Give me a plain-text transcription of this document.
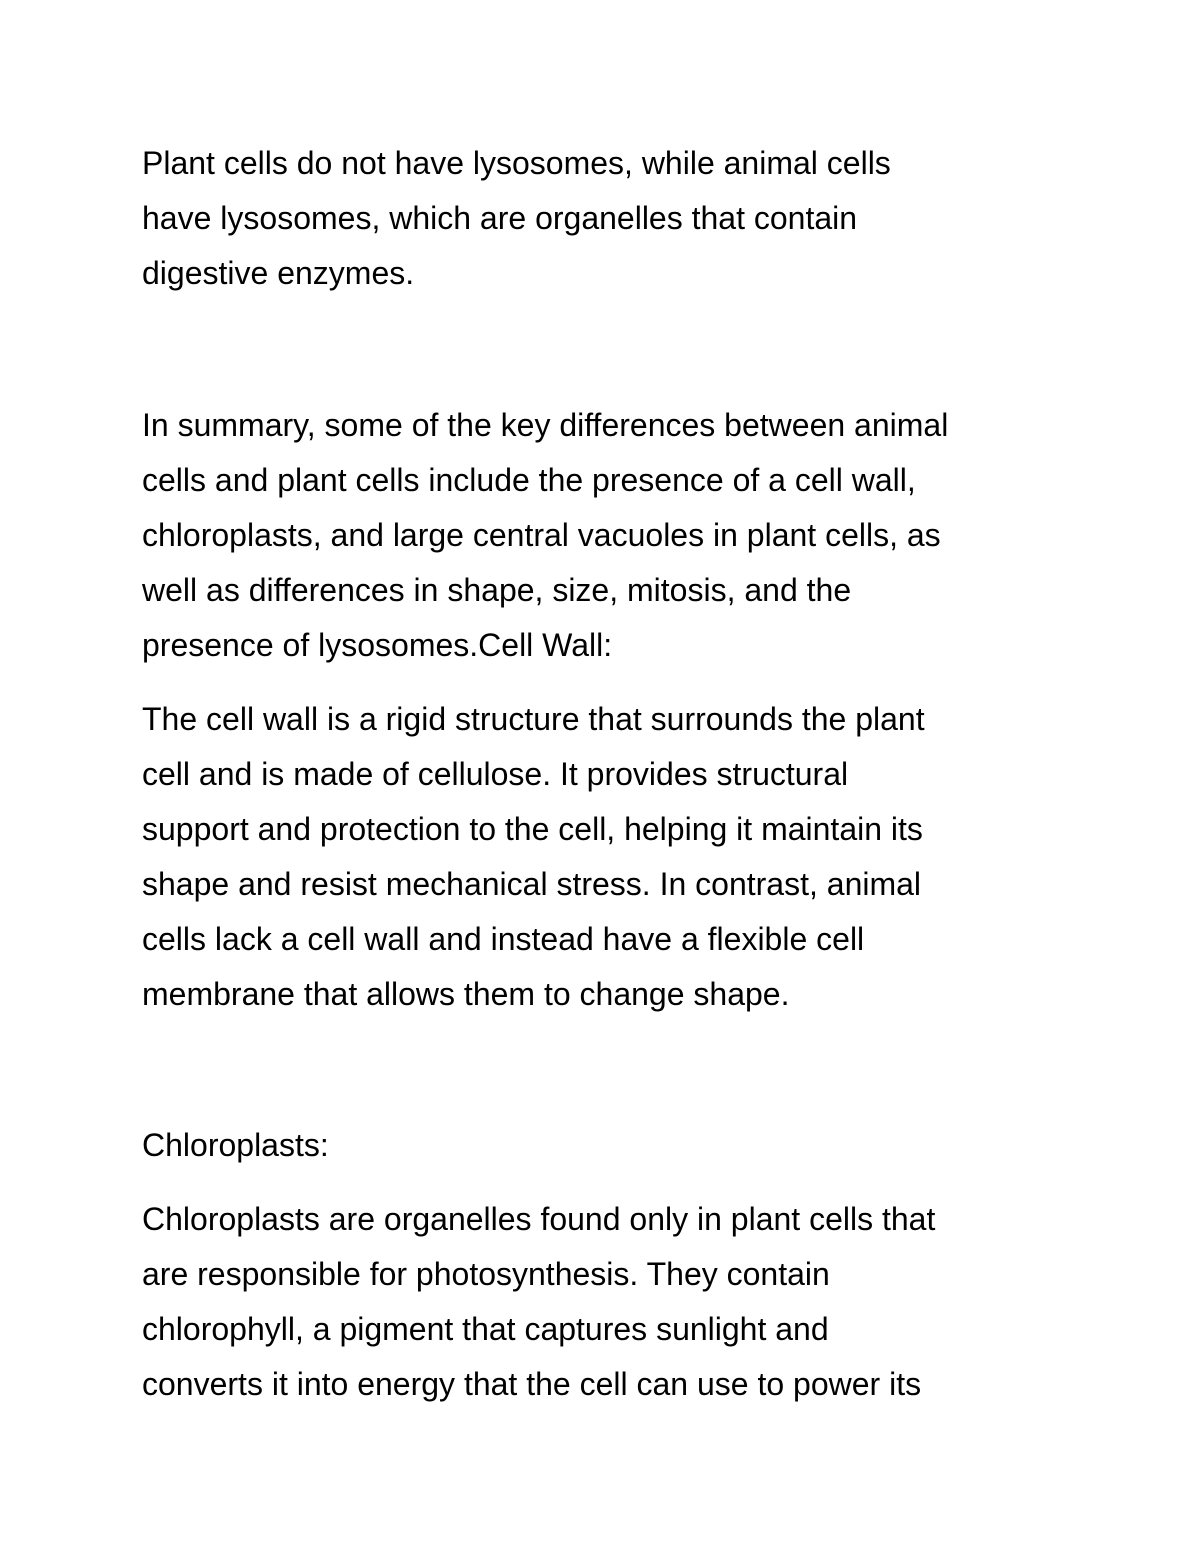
Plant cells do not have lysosomes, while animal cells
have lysosomes, which are organelles that contain
digestive enzymes.

In summary, some of the key differences between animal
cells and plant cells include the presence of a cell wall,
chloroplasts, and large central vacuoles in plant cells, as
well as differences in shape, size, mitosis, and the
presence of lysosomes.Cell Wall:

The cell wall is a rigid structure that surrounds the plant
cell and is made of cellulose. It provides structural
support and protection to the cell, helping it maintain its
shape and resist mechanical stress. In contrast, animal
cells lack a cell wall and instead have a flexible cell
membrane that allows them to change shape.

Chloroplasts:

Chloroplasts are organelles found only in plant cells that
are responsible for photosynthesis. They contain
chlorophyll, a pigment that captures sunlight and
converts it into energy that the cell can use to power its
